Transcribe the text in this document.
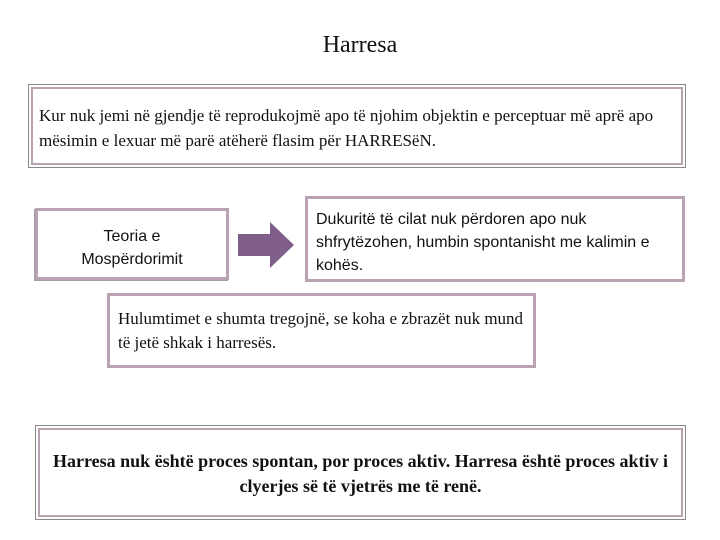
Harresa
Kur nuk jemi në gjendje të reprodukojmë apo të njohim objektin e perceptuar më aprë apo mësimin e lexuar më parë atëherë flasim për HARRESëN.
Teoria e
Mospërdorimit
Dukuritë të cilat nuk përdoren apo nuk shfrytëzohen, humbin spontanisht me kalimin e kohës.
Hulumtimet e shumta tregojnë, se koha e zbrazët nuk mund të jetë shkak i harresës.
Harresa nuk është proces spontan, por proces aktiv. Harresa është proces aktiv i clyerjes së të vjetrës me të renë.
